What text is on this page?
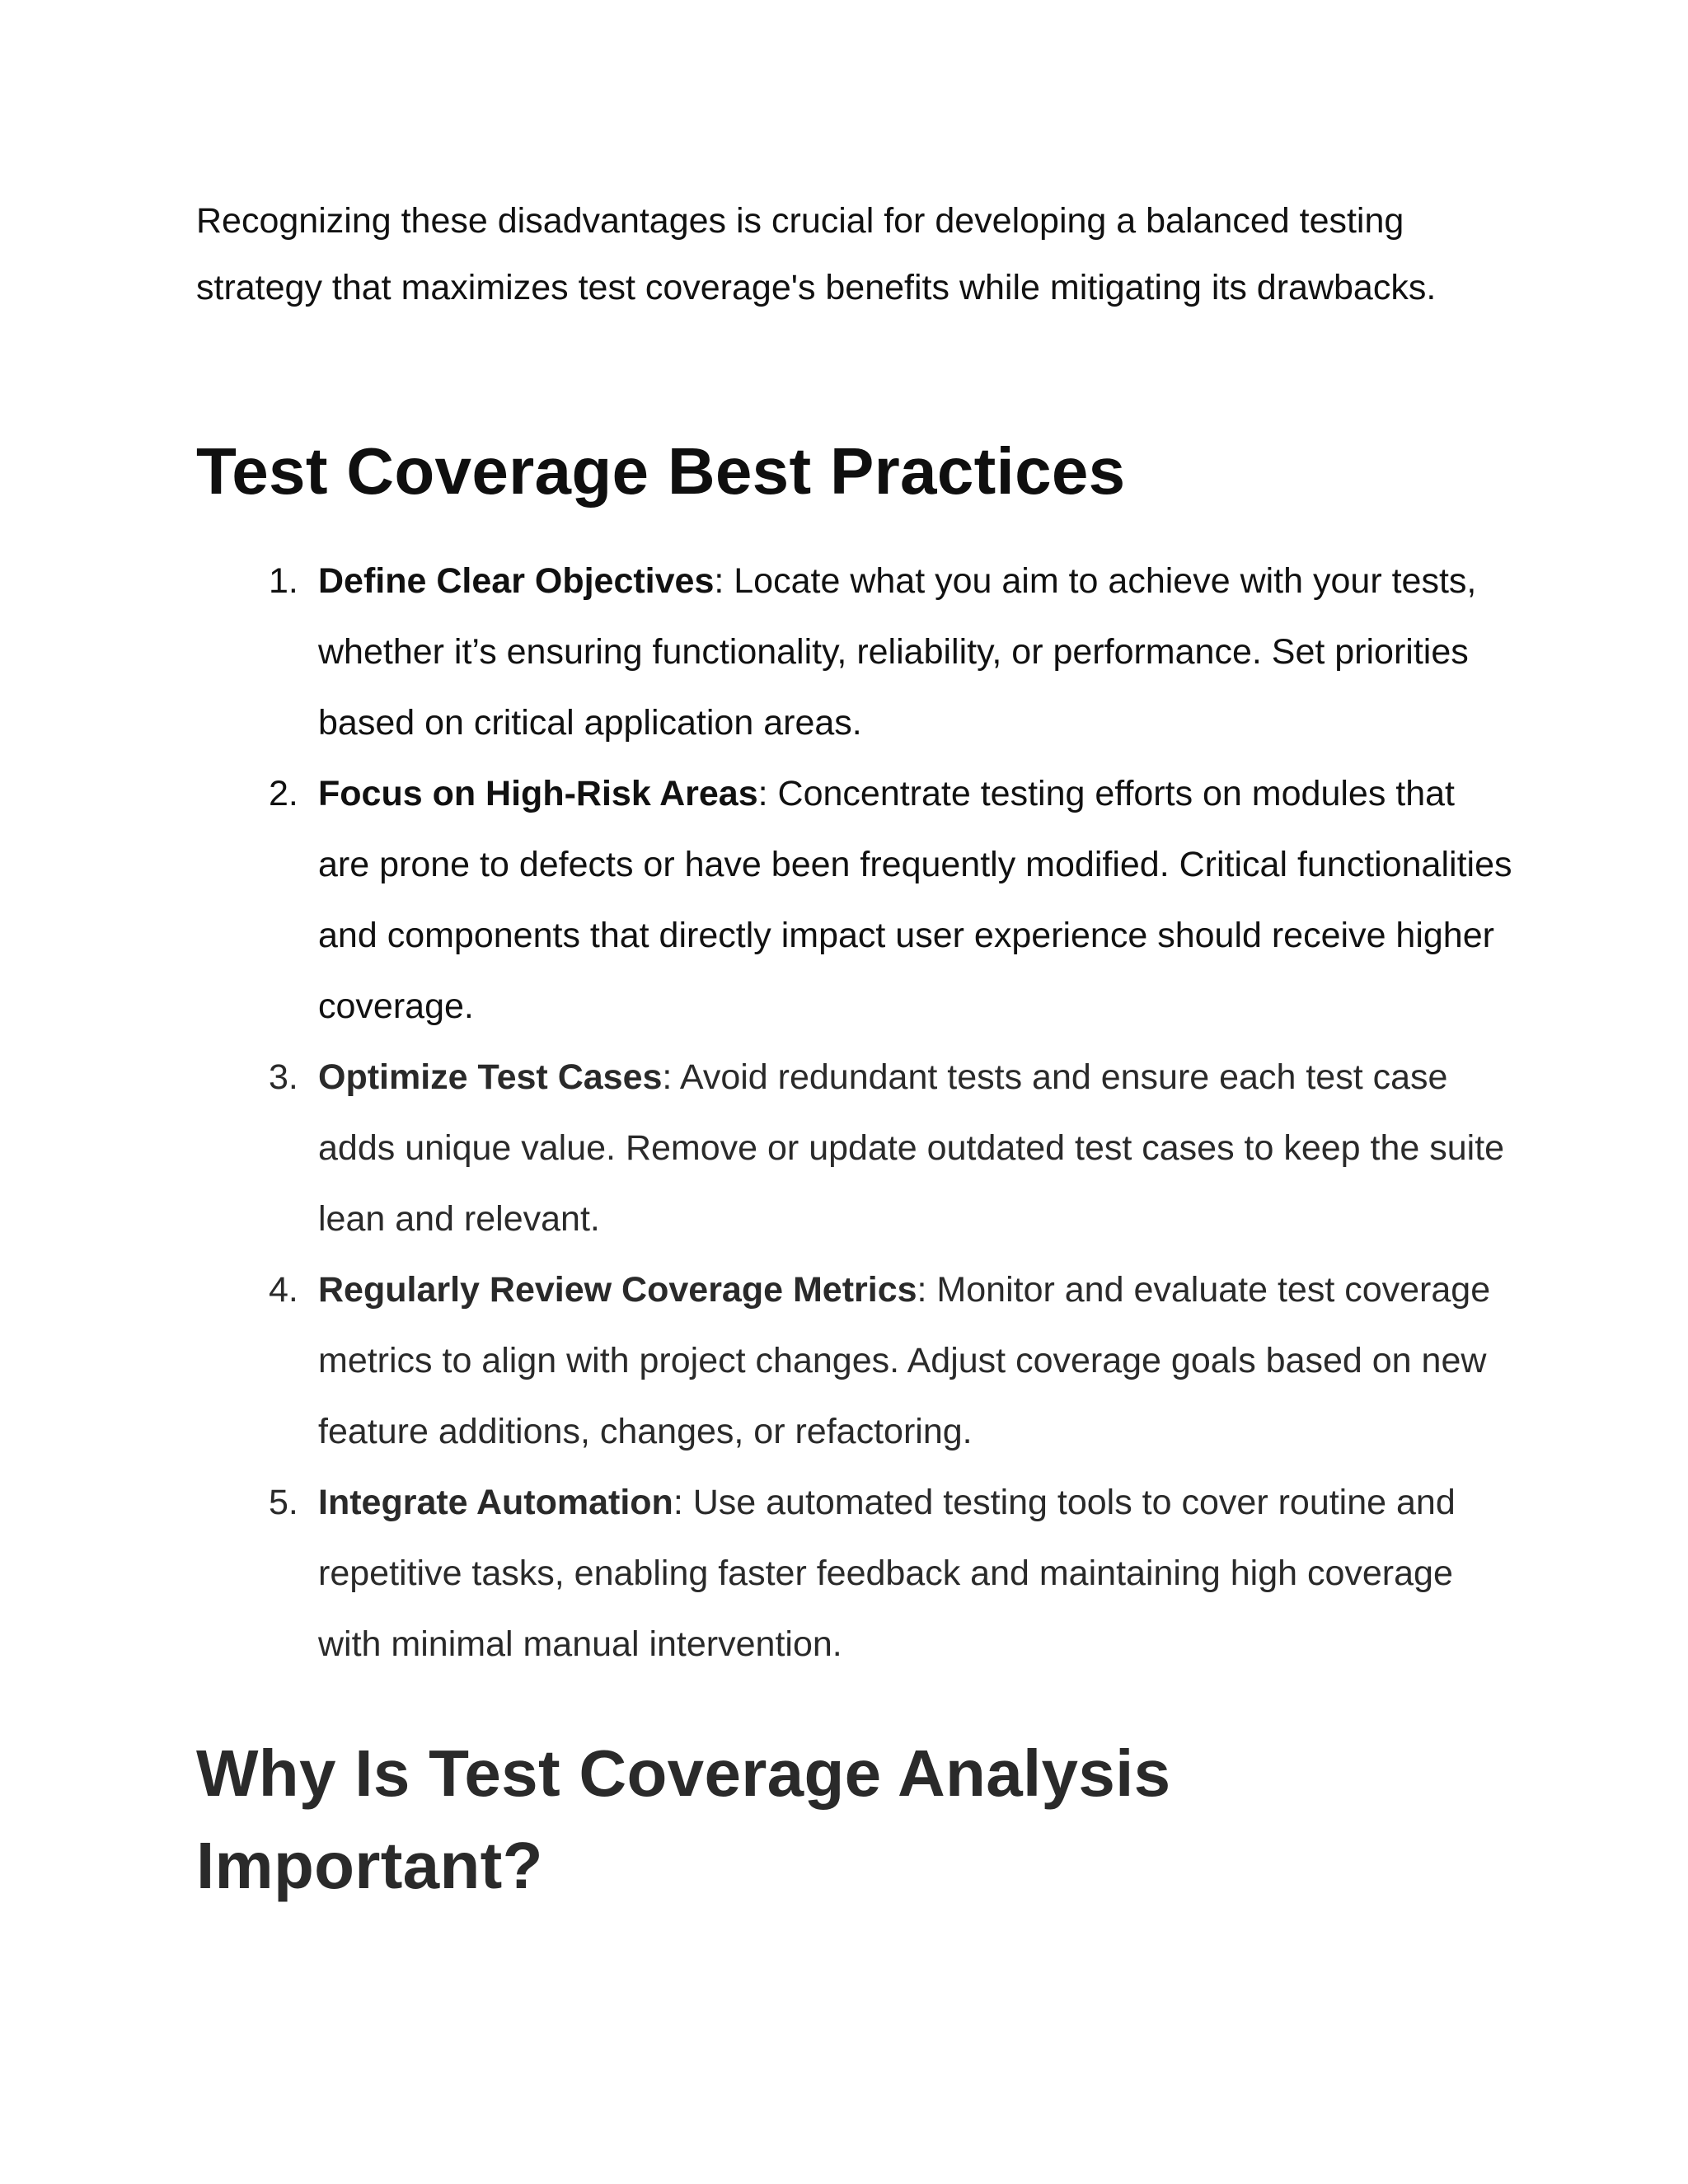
Recognizing these disadvantages is crucial for developing a balanced testing strategy that maximizes test coverage's benefits while mitigating its drawbacks.

Test Coverage Best Practices
1. Define Clear Objectives: Locate what you aim to achieve with your tests, whether it’s ensuring functionality, reliability, or performance. Set priorities based on critical application areas.
2. Focus on High-Risk Areas: Concentrate testing efforts on modules that are prone to defects or have been frequently modified. Critical functionalities and components that directly impact user experience should receive higher coverage.
3. Optimize Test Cases: Avoid redundant tests and ensure each test case adds unique value. Remove or update outdated test cases to keep the suite lean and relevant.
4. Regularly Review Coverage Metrics: Monitor and evaluate test coverage metrics to align with project changes. Adjust coverage goals based on new feature additions, changes, or refactoring.
5. Integrate Automation: Use automated testing tools to cover routine and repetitive tasks, enabling faster feedback and maintaining high coverage with minimal manual intervention.
Why Is Test Coverage Analysis Important?
